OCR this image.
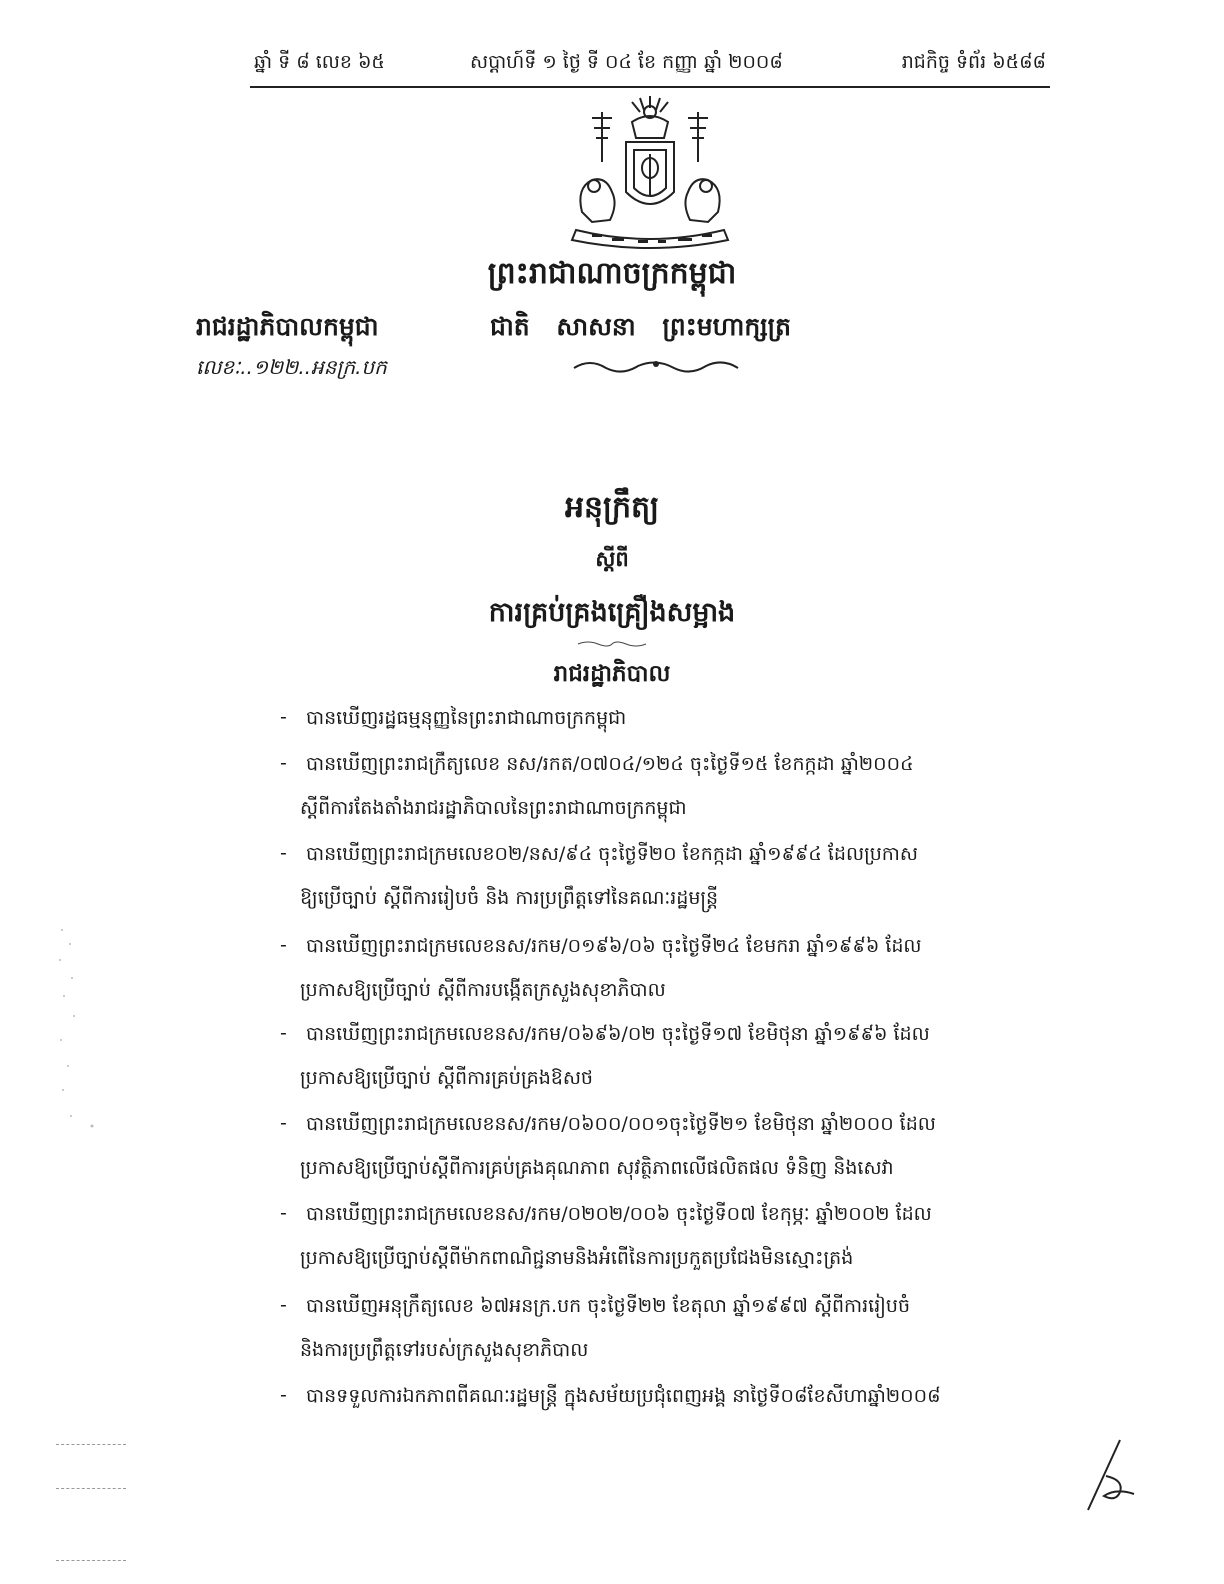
ឆ្នាំ ទី ៨ លេខ ៦៥	សប្តាហ៍ទី ១ ថ្ងៃ ទី ០៤ ខែ កញ្ញា ឆ្នាំ ២០០៨	រាជកិច្ច ទំព័រ ៦៥៨៨
ព្រះរាជាណាចក្រកម្ពុជា
រាជរដ្ឋាភិបាលកម្ពុជា	ជាតិ សាសនា ព្រះមហាក្សត្រ
លេខៈ..១២២..អនក្រ.បក
អនុក្រឹត្យ
ស្តីពី
ការគ្រប់គ្រងគ្រឿងសម្អាង
រាជរដ្ឋាភិបាល
- បានឃើញរដ្ឋធម្មនុញ្ញនៃព្រះរាជាណាចក្រកម្ពុជា
- បានឃើញព្រះរាជក្រឹត្យលេខ នស/រកត/០៧០៤/១២៤ ចុះថ្ងៃទី១៥ ខែកក្កដា ឆ្នាំ២០០៤
ស្តីពីការតែងតាំងរាជរដ្ឋាភិបាលនៃព្រះរាជាណាចក្រកម្ពុជា
- បានឃើញព្រះរាជក្រមលេខ០២/នស/៩៤ ចុះថ្ងៃទី២០ ខែកក្កដា ឆ្នាំ១៩៩៤ ដែលប្រកាស
ឱ្យប្រើច្បាប់ ស្តីពីការរៀបចំ និង ការប្រព្រឹត្តទៅនៃគណៈរដ្ឋមន្ត្រី
- បានឃើញព្រះរាជក្រមលេខនស/រកម/០១៩៦/០៦ ចុះថ្ងៃទី២៤ ខែមករា ឆ្នាំ១៩៩៦ ដែល
ប្រកាសឱ្យប្រើច្បាប់ ស្តីពីការបង្កើតក្រសួងសុខាភិបាល
- បានឃើញព្រះរាជក្រមលេខនស/រកម/០៦៩៦/០២ ចុះថ្ងៃទី១៧ ខែមិថុនា ឆ្នាំ១៩៩៦ ដែល
ប្រកាសឱ្យប្រើច្បាប់ ស្តីពីការគ្រប់គ្រងឱសថ
- បានឃើញព្រះរាជក្រមលេខនស/រកម/០៦០០/០០១ចុះថ្ងៃទី២១ ខែមិថុនា ឆ្នាំ២០០០ ដែល
ប្រកាសឱ្យប្រើច្បាប់ស្តីពីការគ្រប់គ្រងគុណភាព សុវត្ថិភាពលើផលិតផល ទំនិញ និងសេវា
- បានឃើញព្រះរាជក្រមលេខនស/រកម/០២០២/០០៦ ចុះថ្ងៃទី០៧ ខែកុម្ភៈ ឆ្នាំ២០០២ ដែល
ប្រកាសឱ្យប្រើច្បាប់ស្តីពីម៉ាកពាណិជ្ជនាមនិងអំពើនៃការប្រកួតប្រជែងមិនស្មោះត្រង់
- បានឃើញអនុក្រឹត្យលេខ ៦៧អនក្រ.បក ចុះថ្ងៃទី២២ ខែតុលា ឆ្នាំ១៩៩៧ ស្តីពីការរៀបចំ
និងការប្រព្រឹត្តទៅរបស់ក្រសួងសុខាភិបាល
- បានទទួលការឯកភាពពីគណៈរដ្ឋមន្ត្រី ក្នុងសម័យប្រជុំពេញអង្គ នាថ្ងៃទី០៨ខែសីហាឆ្នាំ២០០៨
